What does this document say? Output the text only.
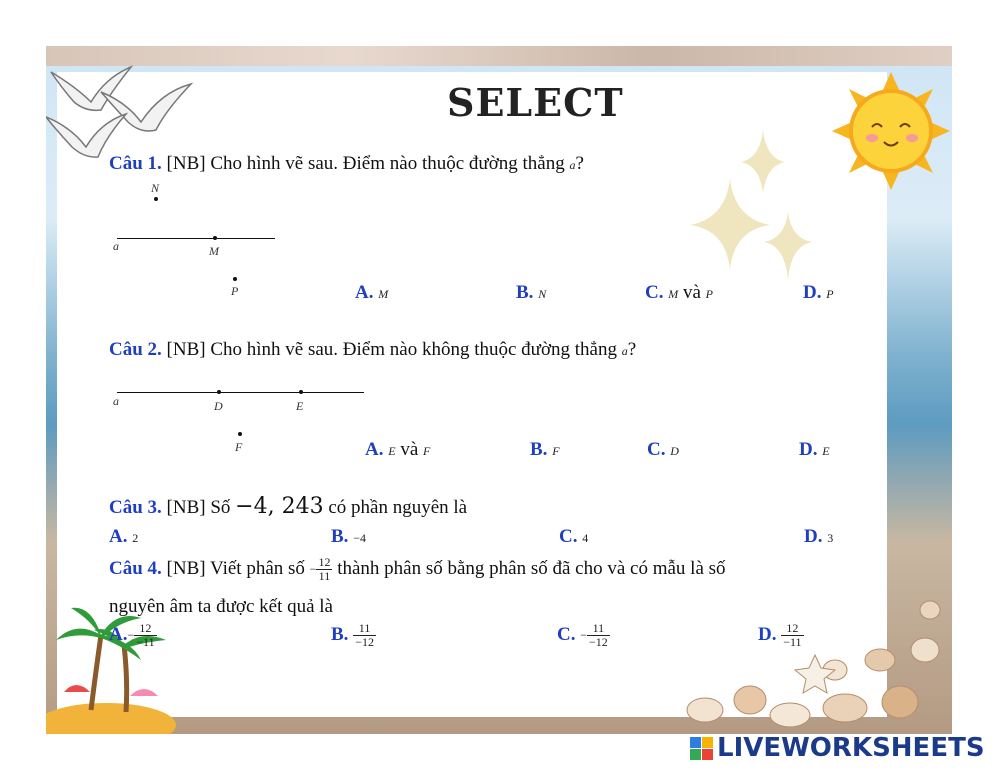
SELECT
Câu 1. [NB] Cho hình vẽ sau. Điểm nào thuộc đường thẳng a?
N
a	M
P	A. M	B. N	C. M và P	D. P
Câu 2. [NB] Cho hình vẽ sau. Điểm nào không thuộc đường thẳng a?
a	D	E
F	A. E và F	B. F	C. D	D. E
Câu 3. [NB] Số −4, 243 có phần nguyên là
A. 2	B. −4	C. 4	D. 3
Câu 4. [NB] Viết phân số − $\frac{12}{11}$ thành phân số bằng phân số đã cho và có mẫu là số
nguyên âm ta được kết quả là
$A.- \frac{12}{-11}$	B. $\frac{11}{-12}$	C. − $\frac{11}{-12}$	D. $\frac{12}{-11}$
LIVEWORKSHEETS
